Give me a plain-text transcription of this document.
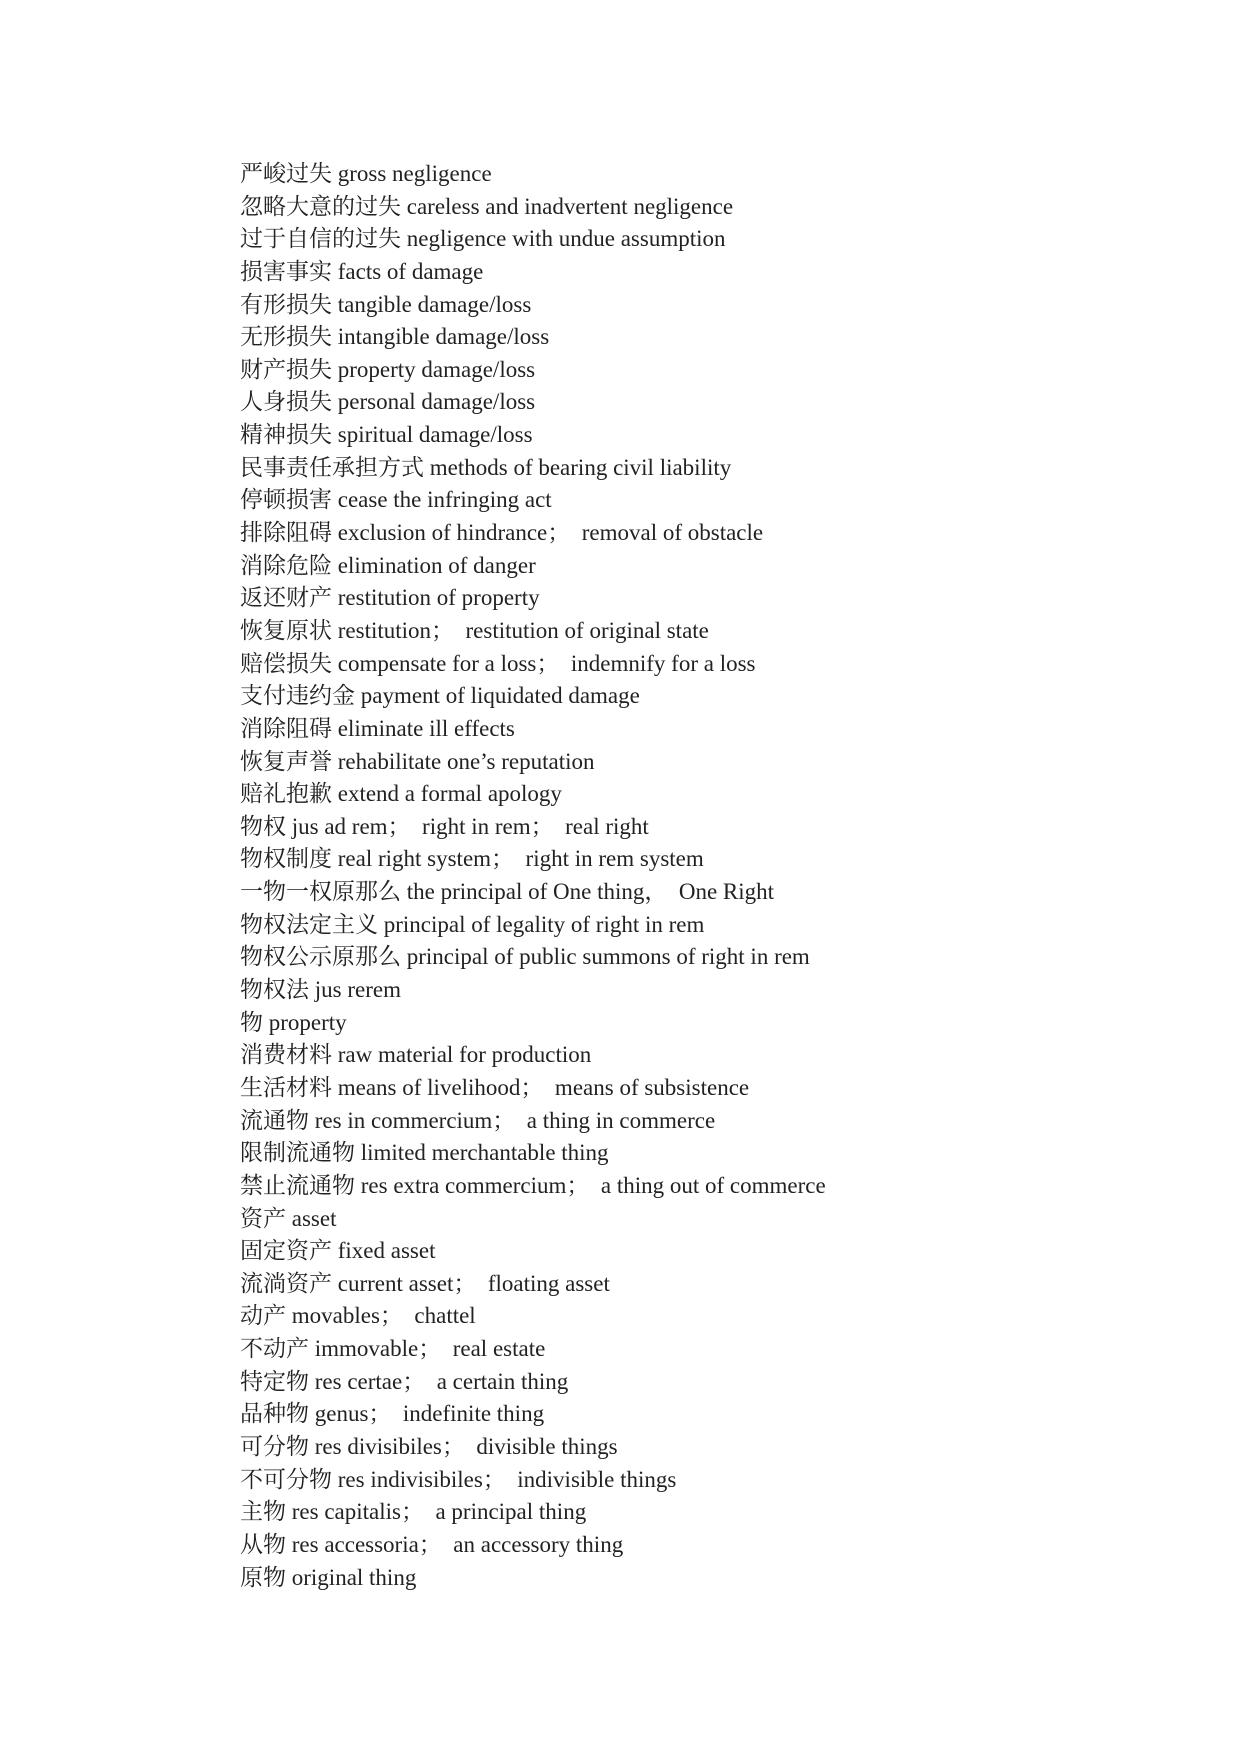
严峻过失 gross negligence
忽略大意的过失 careless and inadvertent negligence
过于自信的过失 negligence with undue assumption
损害事实 facts of damage
有形损失 tangible damage/loss
无形损失 intangible damage/loss
财产损失 property damage/loss
人身损失 personal damage/loss
精神损失 spiritual damage/loss
民事责任承担方式 methods of bearing civil liability
停顿损害 cease the infringing act
排除阻碍 exclusion of hindrance；  removal of obstacle
消除危险 elimination of danger
返还财产 restitution of property
恢复原状 restitution；  restitution of original state
赔偿损失 compensate for a loss；  indemnify for a loss
支付违约金 payment of liquidated damage
消除阻碍 eliminate ill effects
恢复声誉 rehabilitate one’s reputation
赔礼抱歉 extend a formal apology
物权 jus ad rem；  right in rem；  real right
物权制度 real right system；  right in rem system
一物一权原那么 the principal of One thing，  One Right
物权法定主义 principal of legality of right in rem
物权公示原那么 principal of public summons of right in rem
物权法 jus rerem
物 property
消费材料 raw material for production
生活材料 means of livelihood；  means of subsistence
流通物 res in commercium；  a thing in commerce
限制流通物 limited merchantable thing
禁止流通物 res extra commercium；  a thing out of commerce
资产 asset
固定资产 fixed asset
流淌资产 current asset；  floating asset
动产 movables；  chattel
不动产 immovable；  real estate
特定物 res certae；  a certain thing
品种物 genus；  indefinite thing
可分物 res divisibiles；  divisible things
不可分物 res indivisibiles；  indivisible things
主物 res capitalis；  a principal thing
从物 res accessoria；  an accessory thing
原物 original thing
